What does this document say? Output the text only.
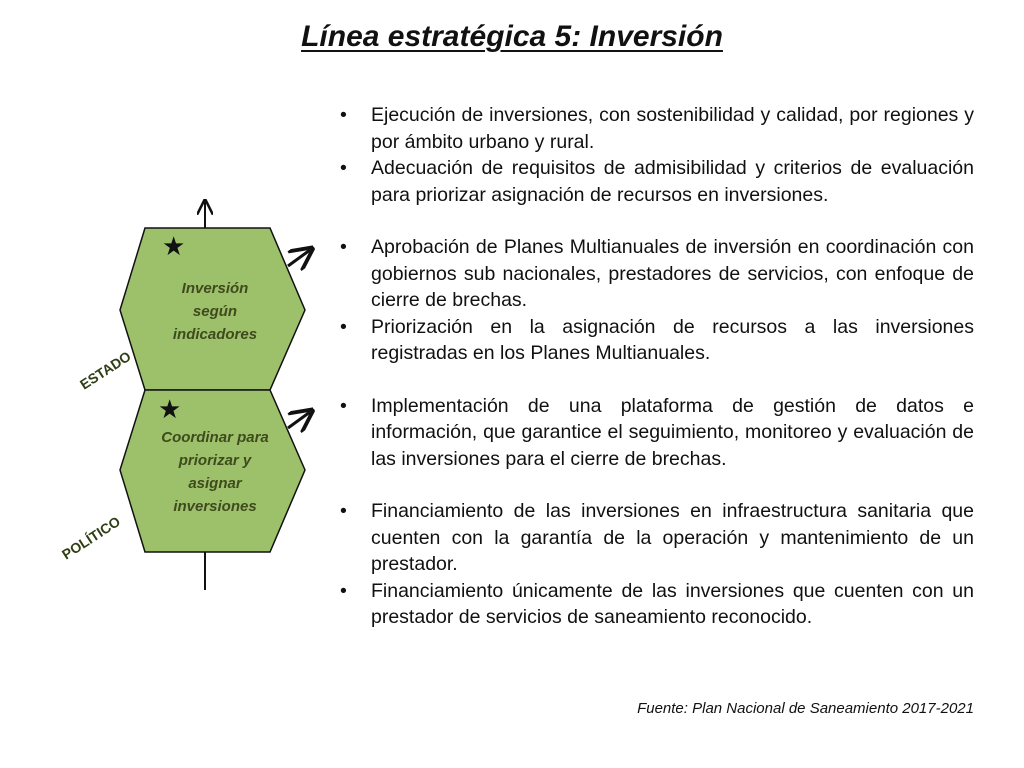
Línea estratégica 5: Inversión
★
★
Inversión
según
indicadores
Coordinar para
priorizar y
asignar
inversiones
ESTADO
POLÍTICO
• Ejecución de inversiones, con sostenibilidad y calidad, por regiones y por ámbito urbano y rural.
• Adecuación de requisitos de admisibilidad y criterios de evaluación para priorizar asignación de recursos en inversiones.
• Aprobación de Planes Multianuales de inversión en coordinación con gobiernos sub nacionales, prestadores de servicios, con enfoque de cierre de brechas.
• Priorización en la asignación de recursos a las inversiones registradas en los Planes Multianuales.
• Implementación de una plataforma de gestión de datos e información, que garantice el seguimiento, monitoreo y evaluación de las inversiones para el cierre de brechas.
• Financiamiento de las inversiones en infraestructura sanitaria que cuenten con la garantía de la operación y mantenimiento de un prestador.
• Financiamiento únicamente de las inversiones que cuenten con un prestador de servicios de saneamiento reconocido.
Fuente: Plan Nacional de Saneamiento 2017-2021
